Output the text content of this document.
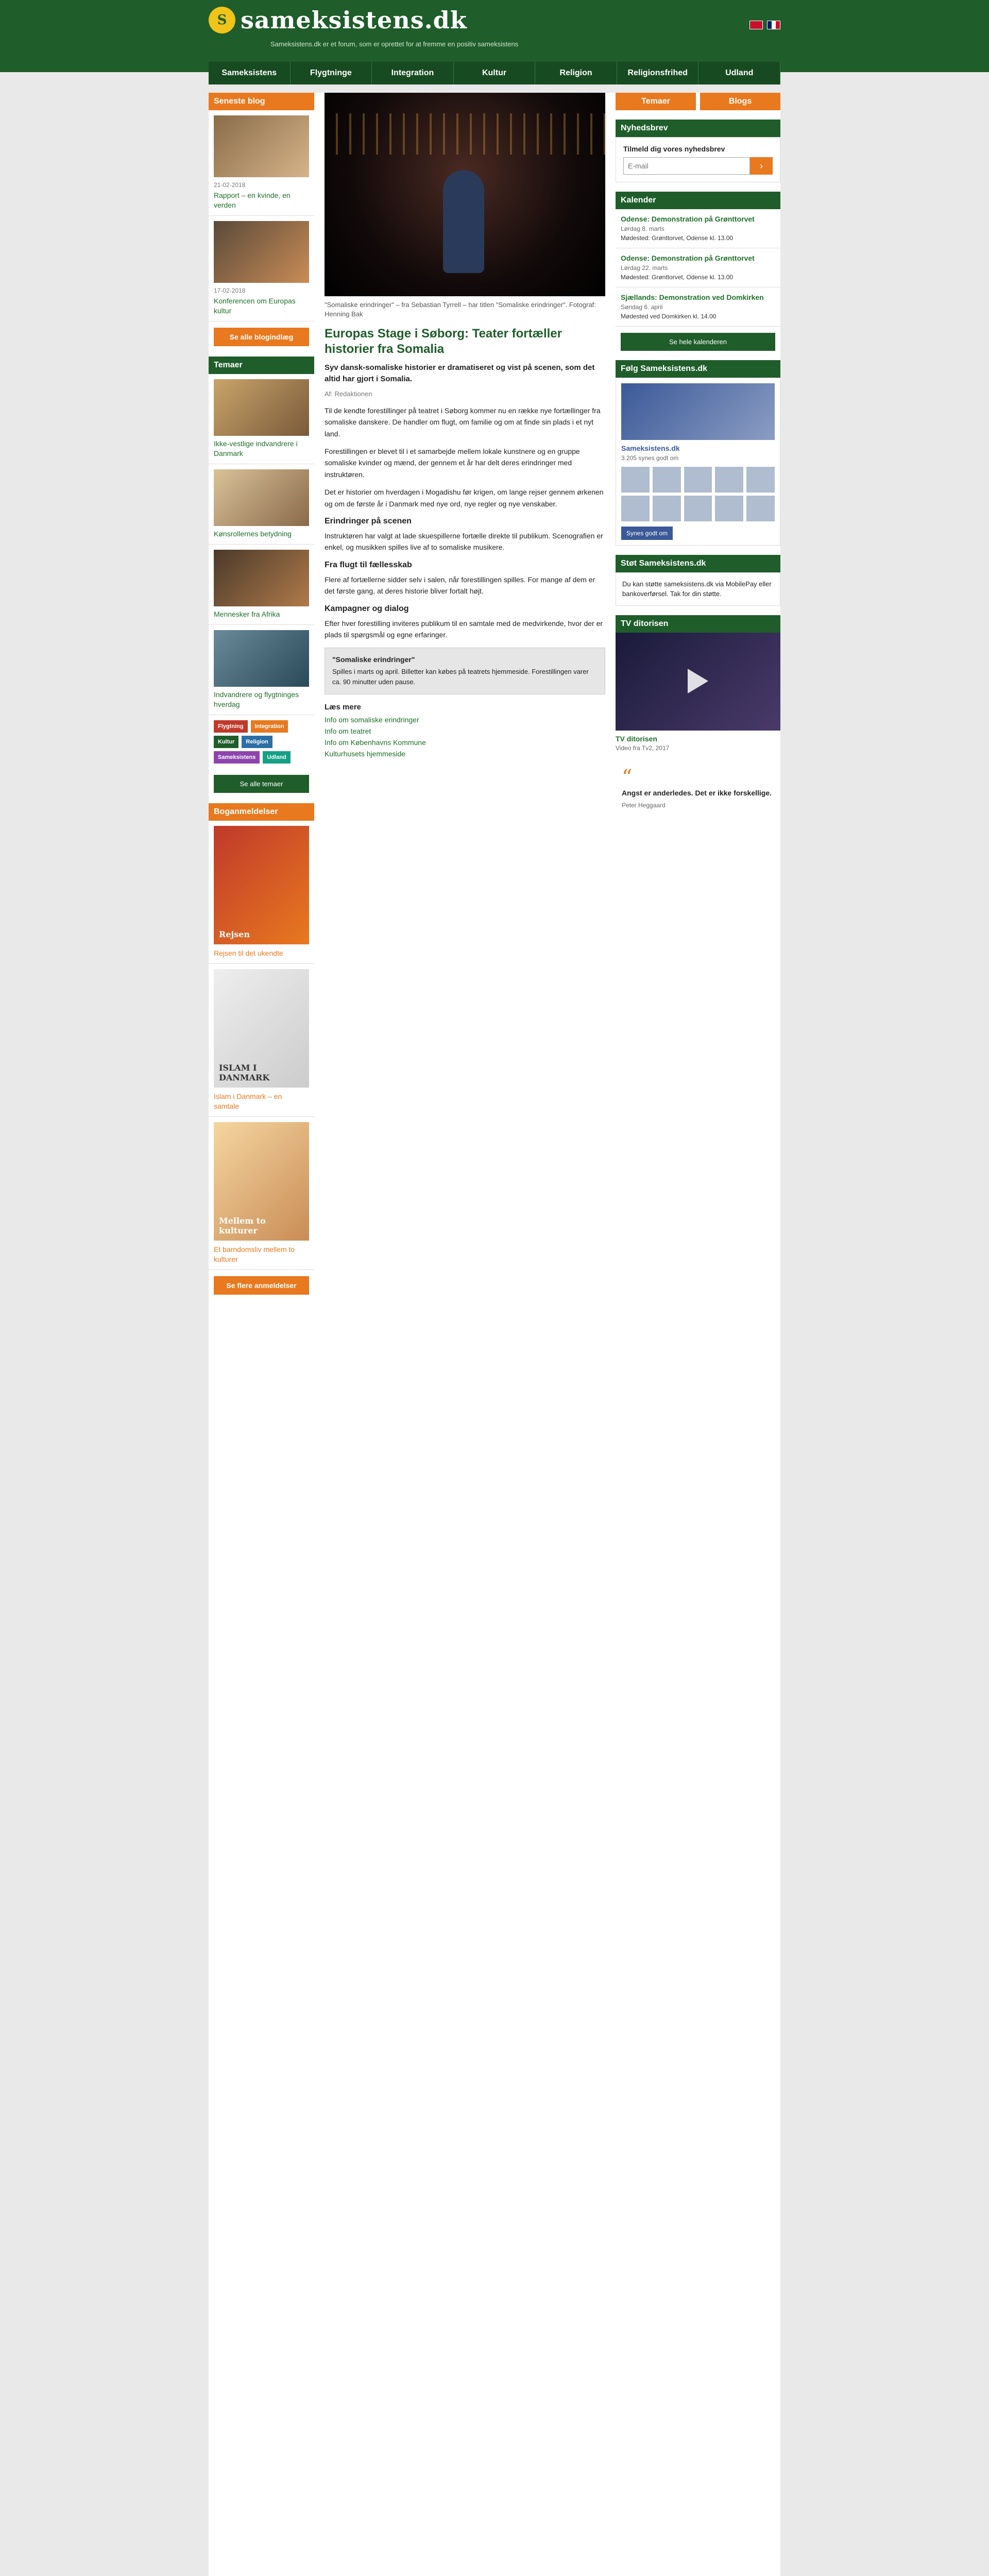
S sameksistens.dk
Sameksistens.dk er et forum, som er oprettet for at fremme en positiv sameksistens
Sameksistens	Flygtninge	Integration	Kultur	Religion	Religionsfrihed	Udland
Seneste blog
21-02-2018
Rapport – en kvinde, en verden
17-02-2018
Konferencen om Europas kultur
Se alle blogindlæg
Temaer
Ikke-vestlige indvandrere i Danmark
Kønsrollernes betydning
Mennesker fra Afrika
Indvandrere og flygtninges hverdag
Flygtning	Integration
Kultur	Religion
Sameksistens	Udland
Se alle temaer
Boganmeldelser
Rejsen
Rejsen til det ukendte
ISLAM I DANMARK
Islam i Danmark – en samtale
Mellem to kulturer
Et barndomsliv mellem to kulturer
Se flere anmeldelser
"Somaliske erindringer" – fra Sebastian Tyrrell – har titlen "Somaliske erindringer". Fotograf: Henning Bak
Europas Stage i Søborg: Teater fortæller historier fra Somalia
Syv dansk-somaliske historier er dramatiseret og vist på scenen, som det altid har gjort i Somalia.
Af: Redaktionen

Til de kendte forestillinger på teatret i Søborg kommer nu en række nye fortællinger fra somaliske danskere. De handler om flugt, om familie og om at finde sin plads i et nyt land.

Forestillingen er blevet til i et samarbejde mellem lokale kunstnere og en gruppe somaliske kvinder og mænd, der gennem et år har delt deres erindringer med instruktøren.

Det er historier om hverdagen i Mogadishu før krigen, om lange rejser gennem ørkenen og om de første år i Danmark med nye ord, nye regler og nye venskaber.

Erindringer på scenen

Instruktøren har valgt at lade skuespillerne fortælle direkte til publikum. Scenografien er enkel, og musikken spilles live af to somaliske musikere.

Fra flugt til fællesskab

Flere af fortællerne sidder selv i salen, når forestillingen spilles. For mange af dem er det første gang, at deres historie bliver fortalt højt.

Kampagner og dialog

Efter hver forestilling inviteres publikum til en samtale med de medvirkende, hvor der er plads til spørgsmål og egne erfaringer.

"Somaliske erindringer"

Spilles i marts og april. Billetter kan købes på teatrets hjemmeside. Forestillingen varer ca. 90 minutter uden pause.

Læs mere
Info om somaliske erindringer
Info om teatret
Info om Københavns Kommune
Kulturhusets hjemmeside
Temaer	Blogs
Nyhedsbrev
Tilmeld dig vores nyhedsbrev
E-mail
›
Kalender
Odense: Demonstration på Grønttorvet
Lørdag 8. marts
Mødested: Grønttorvet, Odense kl. 13.00
Odense: Demonstration på Grønttorvet
Lørdag 22. marts
Mødested: Grønttorvet, Odense kl. 13.00
Sjællands: Demonstration ved Domkirken
Søndag 6. april
Mødested ved Domkirken kl. 14.00
Se hele kalenderen
Følg Sameksistens.dk
Sameksistens.dk
3.205 synes godt om
Synes godt om
Støt Sameksistens.dk
Du kan støtte sameksistens.dk via MobilePay eller bankoverførsel. Tak for din støtte.
TV ditorisen
TV ditorisen
Video fra Tv2, 2017
“
Angst er anderledes. Det er ikke forskellige.
Peter Heggaard
